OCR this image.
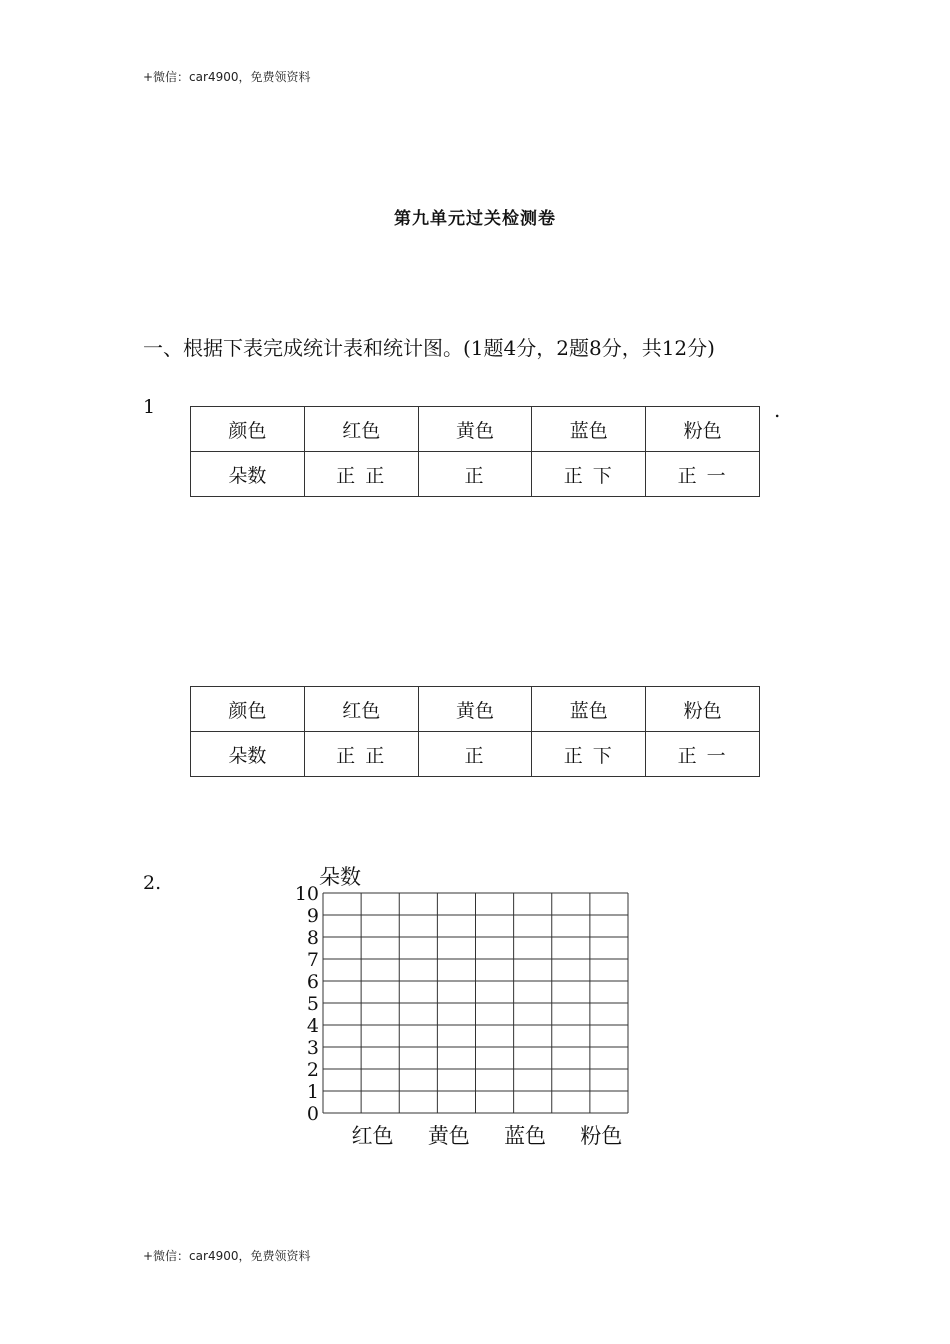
+微信：car4900，免费领资料
第九单元过关检测卷
一、根据下表完成统计表和统计图。(1题4分，2题8分，共12分)
1	.
颜色	红色	黄色	蓝色	粉色
朵数	正 正	正	正 下	正 一
颜色	红色	黄色	蓝色	粉色
朵数	正 正	正	正 下	正 一
2.	朵数
0
1
2
3
4
5
6
7
8
9
10
红色 黄色 蓝色 粉色
+微信：car4900，免费领资料
